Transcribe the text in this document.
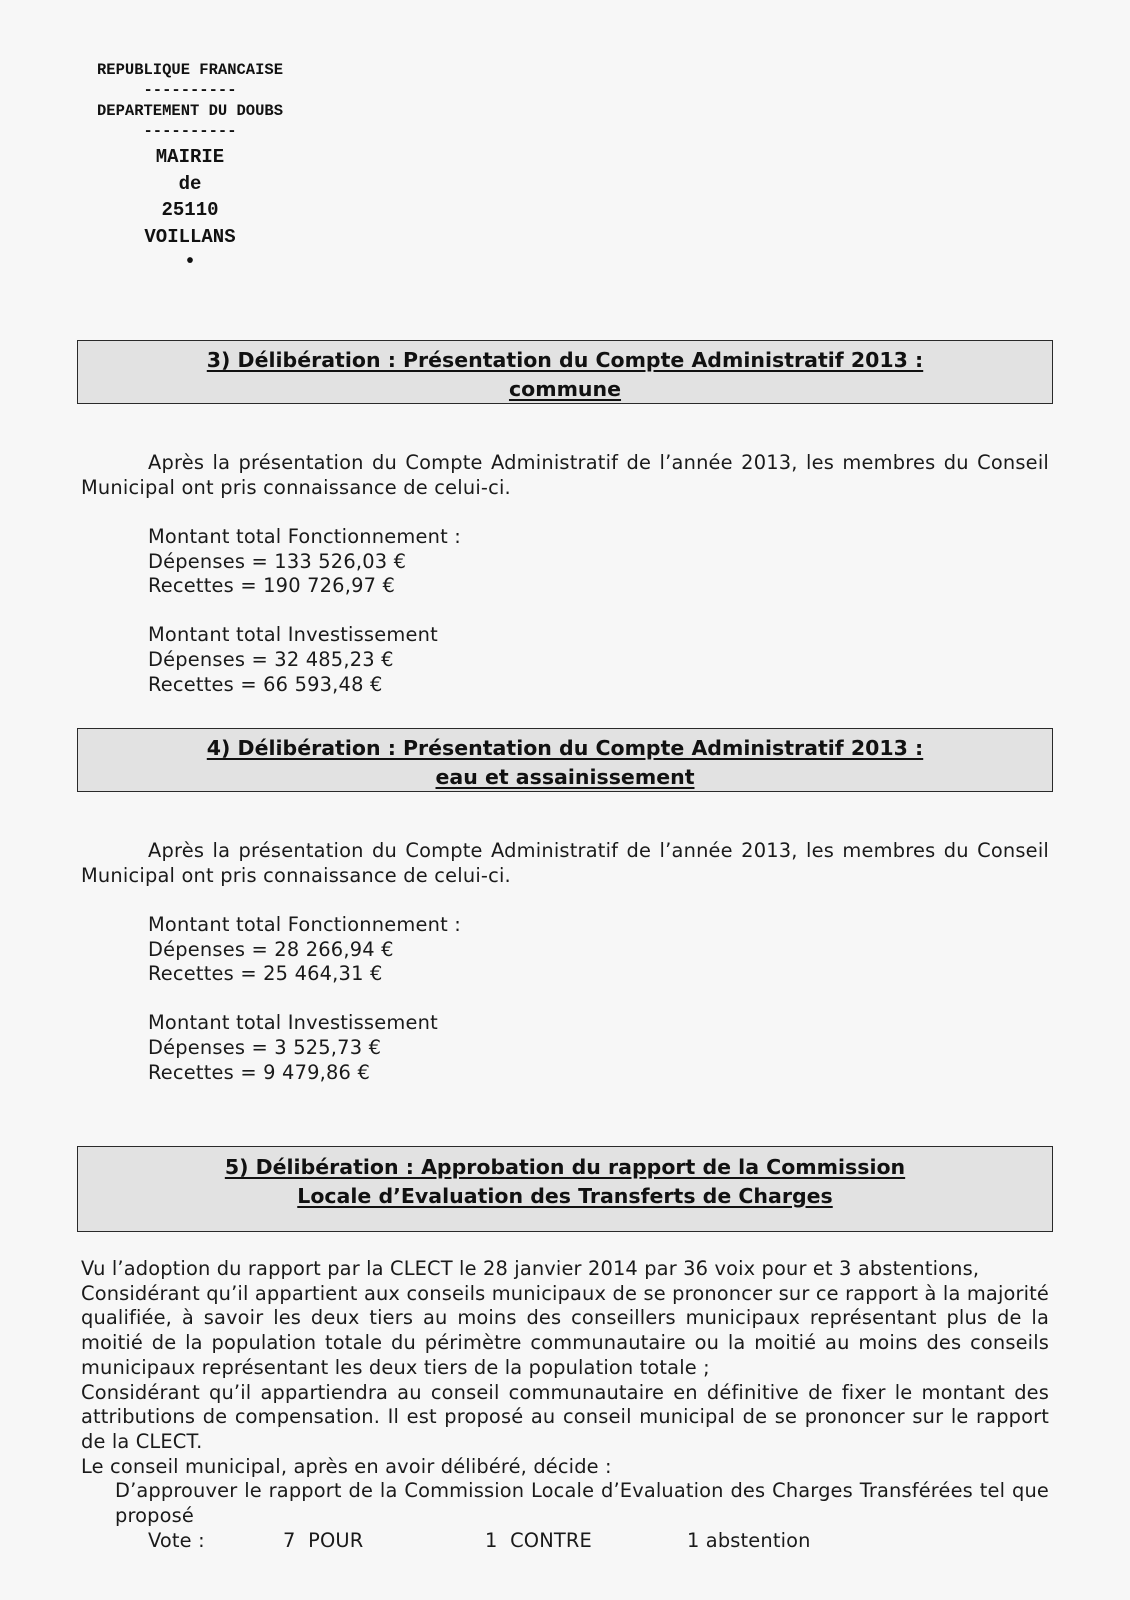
REPUBLIQUE FRANCAISE
----------
DEPARTEMENT DU DOUBS
----------
MAIRIE
de
25110
VOILLANS
•
3) Délibération : Présentation du Compte Administratif 2013 :
commune
Après la présentation du Compte Administratif de l’année 2013, les membres du Conseil Municipal ont pris connaissance de celui-ci.
Montant total Fonctionnement :
Dépenses = 133 526,03 €
Recettes = 190 726,97 €
Montant total Investissement
Dépenses = 32 485,23 €
Recettes = 66 593,48 €
4) Délibération : Présentation du Compte Administratif 2013 :
eau et assainissement
Après la présentation du Compte Administratif de l’année 2013, les membres du Conseil Municipal ont pris connaissance de celui-ci.
Montant total Fonctionnement :
Dépenses = 28 266,94 €
Recettes = 25 464,31 €
Montant total Investissement
Dépenses = 3 525,73 €
Recettes = 9 479,86 €
5) Délibération : Approbation du rapport de la Commission
Locale d’Evaluation des Transferts de Charges
Vu l’adoption du rapport par la CLECT le 28 janvier 2014 par 36 voix pour et 3 abstentions,
Considérant qu’il appartient aux conseils municipaux de se prononcer sur ce rapport à la majorité qualifiée, à savoir les deux tiers au moins des conseillers municipaux représentant plus de la moitié de la population totale du périmètre communautaire ou la moitié au moins des conseils municipaux représentant les deux tiers de la population totale ;
Considérant qu’il appartiendra au conseil communautaire en définitive de fixer le montant des attributions de compensation. Il est proposé au conseil municipal de se prononcer sur le rapport de la CLECT.
Le conseil municipal, après en avoir délibéré, décide :
D’approuver le rapport de la Commission Locale d’Evaluation des Charges Transférées tel que proposé
Vote :	7  POUR	1  CONTRE	1 abstention
